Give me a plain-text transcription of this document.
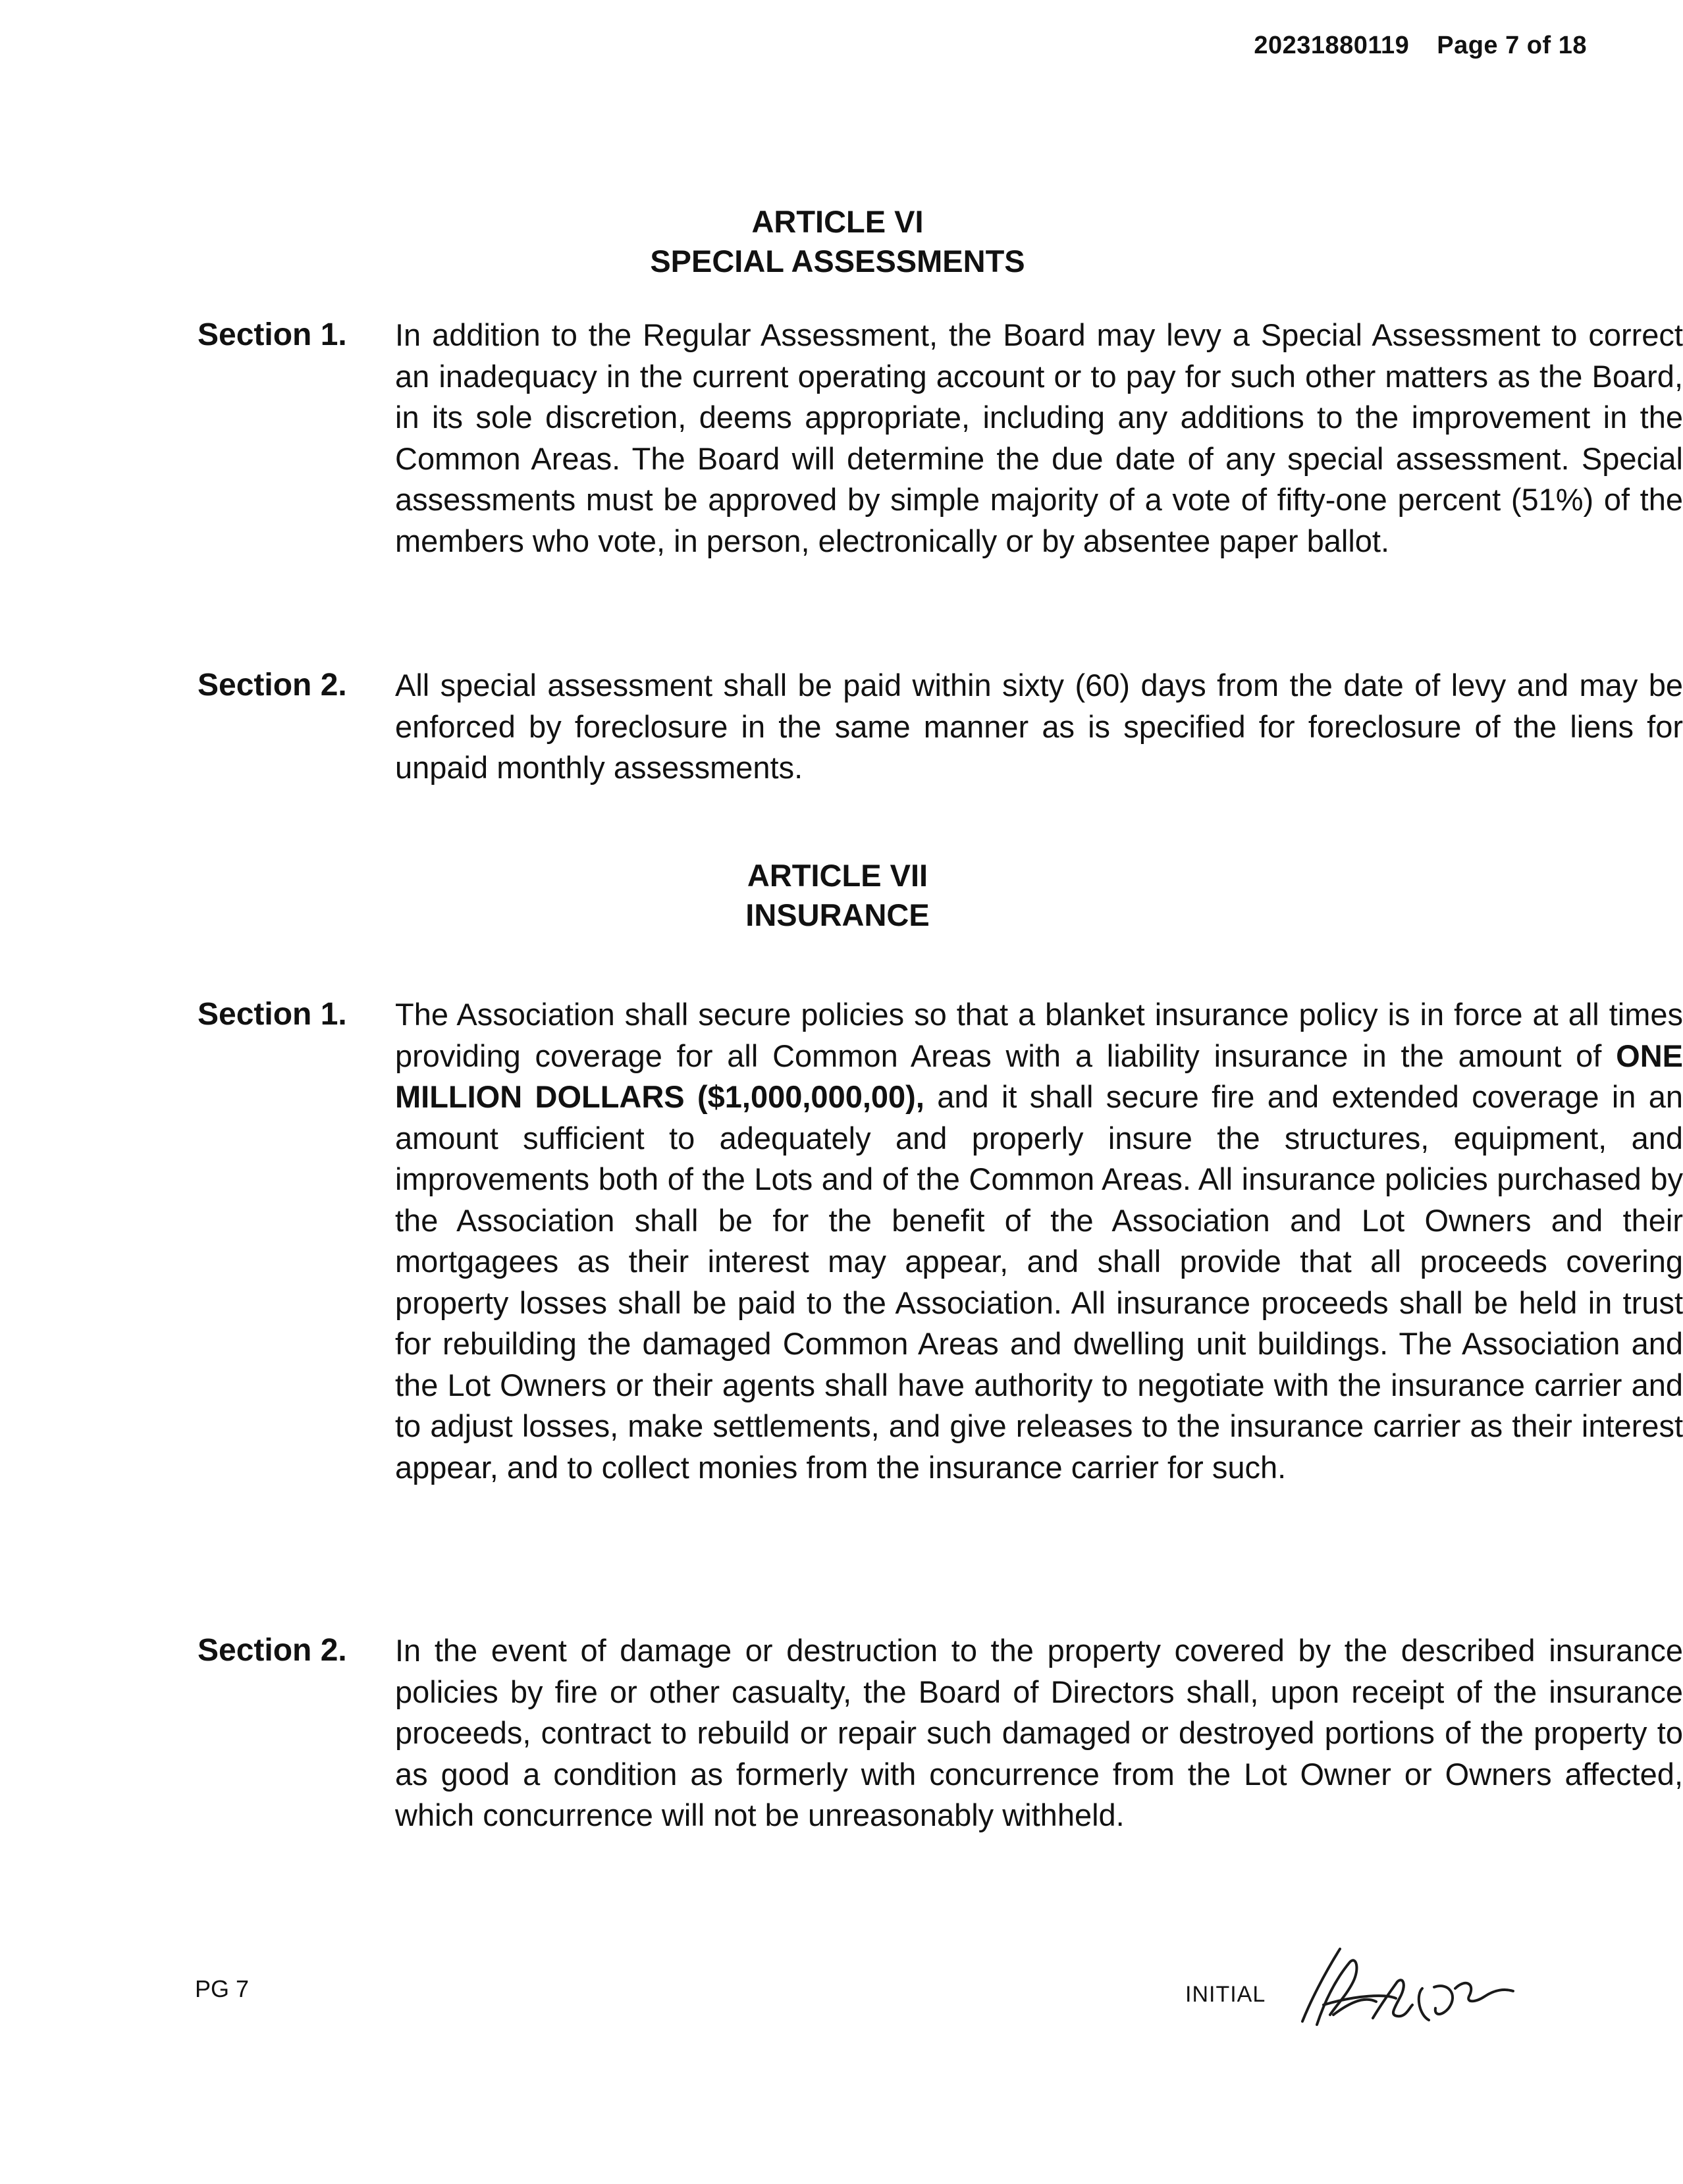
20231880119 Page 7 of 18
ARTICLE VI
SPECIAL ASSESSMENTS
Section 1. In addition to the Regular Assessment, the Board may levy a Special Assessment to correct an inadequacy in the current operating account or to pay for such other matters as the Board, in its sole discretion, deems appropriate, including any additions to the improvement in the Common Areas. The Board will determine the due date of any special assessment. Special assessments must be approved by simple majority of a vote of fifty-one percent (51%) of the members who vote, in person, electronically or by absentee paper ballot.
Section 2. All special assessment shall be paid within sixty (60) days from the date of levy and may be enforced by foreclosure in the same manner as is specified for foreclosure of the liens for unpaid monthly assessments.
ARTICLE VII
INSURANCE
Section 1. The Association shall secure policies so that a blanket insurance policy is in force at all times providing coverage for all Common Areas with a liability insurance in the amount of ONE MILLION DOLLARS ($1,000,000,00), and it shall secure fire and extended coverage in an amount sufficient to adequately and properly insure the structures, equipment, and improvements both of the Lots and of the Common Areas. All insurance policies purchased by the Association shall be for the benefit of the Association and Lot Owners and their mortgagees as their interest may appear, and shall provide that all proceeds covering property losses shall be paid to the Association. All insurance proceeds shall be held in trust for rebuilding the damaged Common Areas and dwelling unit buildings. The Association and the Lot Owners or their agents shall have authority to negotiate with the insurance carrier and to adjust losses, make settlements, and give releases to the insurance carrier as their interest appear, and to collect monies from the insurance carrier for such.
Section 2. In the event of damage or destruction to the property covered by the described insurance policies by fire or other casualty, the Board of Directors shall, upon receipt of the insurance proceeds, contract to rebuild or repair such damaged or destroyed portions of the property to as good a condition as formerly with concurrence from the Lot Owner or Owners affected, which concurrence will not be unreasonably withheld.
PG 7	INITIAL
